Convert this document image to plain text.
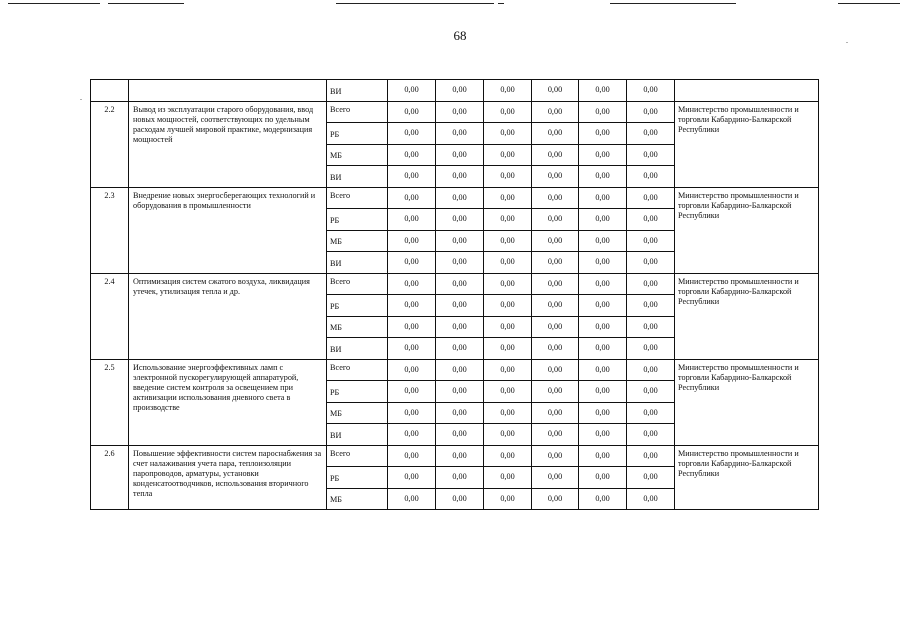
68	.
.
		ВИ	0,00	0,00	0,00	0,00	0,00	0,00	
2.2	Вывод из эксплуатации старого оборудования, ввод новых мощностей, соответствующих по удельным расходам лучшей мировой практике, модернизация мощностей	Всего	0,00	0,00	0,00	0,00	0,00	0,00	Министерство промышленности и торговли Кабардино-Балкарской Республики
		РБ	0,00	0,00	0,00	0,00	0,00	0,00	
		МБ	0,00	0,00	0,00	0,00	0,00	0,00	
		ВИ	0,00	0,00	0,00	0,00	0,00	0,00	
2.3	Внедрение новых энергосберегающих технологий и оборудования в промышленности	Всего	0,00	0,00	0,00	0,00	0,00	0,00	Министерство промышленности и торговли Кабардино-Балкарской Республики
		РБ	0,00	0,00	0,00	0,00	0,00	0,00	
		МБ	0,00	0,00	0,00	0,00	0,00	0,00	
		ВИ	0,00	0,00	0,00	0,00	0,00	0,00	
2.4	Оптимизация систем сжатого воздуха, ликвидация утечек, утилизация тепла и др.	Всего	0,00	0,00	0,00	0,00	0,00	0,00	Министерство промышленности и торговли Кабардино-Балкарской Республики
		РБ	0,00	0,00	0,00	0,00	0,00	0,00	
		МБ	0,00	0,00	0,00	0,00	0,00	0,00	
		ВИ	0,00	0,00	0,00	0,00	0,00	0,00	
2.5	Использование энергоэффективных ламп с электронной пускорегулирующей аппаратурой, введение систем контроля за освещением при активизации использования дневного света в производстве	Всего	0,00	0,00	0,00	0,00	0,00	0,00	Министерство промышленности и торговли Кабардино-Балкарской Республики
		РБ	0,00	0,00	0,00	0,00	0,00	0,00	
		МБ	0,00	0,00	0,00	0,00	0,00	0,00	
		ВИ	0,00	0,00	0,00	0,00	0,00	0,00	
2.6	Повышение эффективности систем пароснабжения за счет налаживания учета пара, теплоизоляции паропроводов, арматуры, установки конденсатоотводчиков, использования вторичного тепла	Всего	0,00	0,00	0,00	0,00	0,00	0,00	Министерство промышленности и торговли Кабардино-Балкарской Республики
		РБ	0,00	0,00	0,00	0,00	0,00	0,00	
		МБ	0,00	0,00	0,00	0,00	0,00	0,00	
